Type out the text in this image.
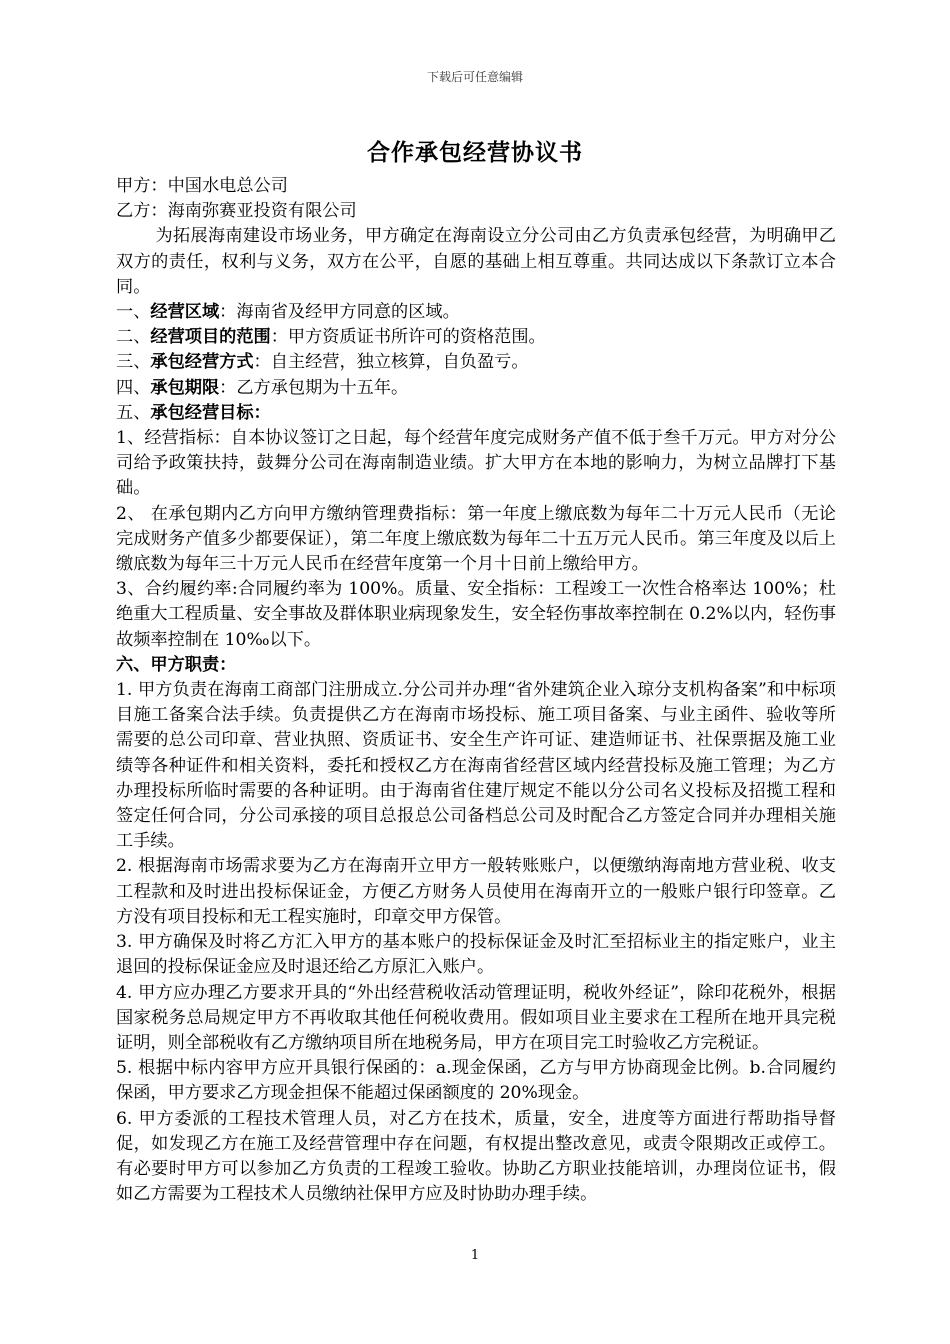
下载后可任意编辑
合作承包经营协议书

甲方：中国水电总公司

乙方：海南弥赛亚投资有限公司

为拓展海南建设市场业务，甲方确定在海南设立分公司由乙方负责承包经营，为明确甲乙双方的责任，权利与义务，双方在公平，自愿的基础上相互尊重。共同达成以下条款订立本合同。

一、经营区域：海南省及经甲方同意的区域。

二、经营项目的范围：甲方资质证书所许可的资格范围。

三、承包经营方式：自主经营，独立核算，自负盈亏。

四、承包期限：乙方承包期为十五年。

五、承包经营目标：

1、经营指标：自本协议签订之日起，每个经营年度完成财务产值不低于叁千万元。甲方对分公司给予政策扶持，鼓舞分公司在海南制造业绩。扩大甲方在本地的影响力，为树立品牌打下基础。

2、 在承包期内乙方向甲方缴纳管理费指标：第一年度上缴底数为每年二十万元人民币（无论完成财务产值多少都要保证），第二年度上缴底数为每年二十五万元人民币。第三年度及以后上缴底数为每年三十万元人民币在经营年度第一个月十日前上缴给甲方。

3、合约履约率:合同履约率为 100%。质量、安全指标：工程竣工一次性合格率达 100%；杜绝重大工程质量、安全事故及群体职业病现象发生，安全轻伤事故率控制在 0.2%以内，轻伤事故频率控制在 10‰以下。

六、甲方职责：

1. 甲方负责在海南工商部门注册成立.分公司并办理“省外建筑企业入琼分支机构备案”和中标项目施工备案合法手续。负责提供乙方在海南市场投标、施工项目备案、与业主函件、验收等所需要的总公司印章、营业执照、资质证书、安全生产许可证、建造师证书、社保票据及施工业绩等各种证件和相关资料，委托和授权乙方在海南省经营区域内经营投标及施工管理；为乙方办理投标所临时需要的各种证明。由于海南省住建厅规定不能以分公司名义投标及招揽工程和签定任何合同，分公司承接的项目总报总公司备档总公司及时配合乙方签定合同并办理相关施工手续。

2. 根据海南市场需求要为乙方在海南开立甲方一般转账账户，以便缴纳海南地方营业税、收支工程款和及时进出投标保证金，方便乙方财务人员使用在海南开立的一般账户银行印签章。乙方没有项目投标和无工程实施时，印章交甲方保管。

3. 甲方确保及时将乙方汇入甲方的基本账户的投标保证金及时汇至招标业主的指定账户，业主退回的投标保证金应及时退还给乙方原汇入账户。

4. 甲方应办理乙方要求开具的“外出经营税收活动管理证明，税收外经证”，除印花税外，根据国家税务总局规定甲方不再收取其他任何税收费用。假如项目业主要求在工程所在地开具完税证明，则全部税收有乙方缴纳项目所在地税务局，甲方在项目完工时验收乙方完税证。

5. 根据中标内容甲方应开具银行保函的：a.现金保函，乙方与甲方协商现金比例。b.合同履约保函，甲方要求乙方现金担保不能超过保函额度的 20%现金。

6. 甲方委派的工程技术管理人员，对乙方在技术，质量，安全，进度等方面进行帮助指导督促，如发现乙方在施工及经营管理中存在问题，有权提出整改意见，或责令限期改正或停工。有必要时甲方可以参加乙方负责的工程竣工验收。协助乙方职业技能培训，办理岗位证书，假如乙方需要为工程技术人员缴纳社保甲方应及时协助办理手续。

1
